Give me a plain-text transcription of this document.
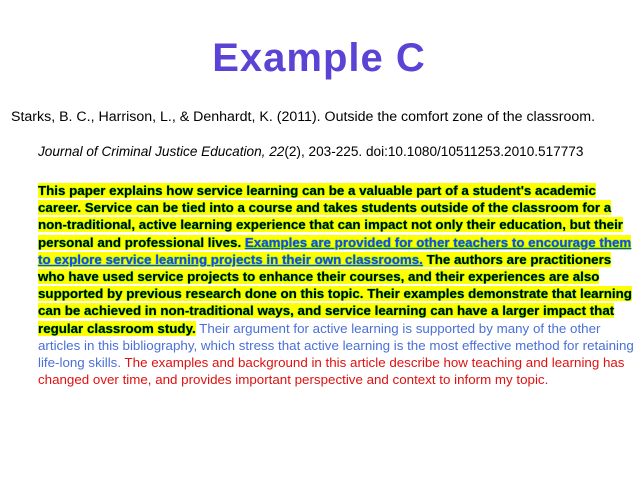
Example C
Starks, B. C., Harrison, L., & Denhardt, K. (2011). Outside the comfort zone of the classroom.
Journal of Criminal Justice Education, 22(2), 203-225. doi:10.1080/10511253.2010.517773
This paper explains how service learning can be a valuable part of a student's academic career. Service can be tied into a course and takes students outside of the classroom for a non-traditional, active learning experience that can impact not only their education, but their personal and professional lives. Examples are provided for other teachers to encourage them to explore service learning projects in their own classrooms. The authors are practitioners who have used service projects to enhance their courses, and their experiences are also supported by previous research done on this topic. Their examples demonstrate that learning can be achieved in non-traditional ways, and service learning can have a larger impact that regular classroom study. Their argument for active learning is supported by many of the other articles in this bibliography, which stress that active learning is the most effective method for retaining life-long skills. The examples and background in this article describe how teaching and learning has changed over time, and provides important perspective and context to inform my topic.
